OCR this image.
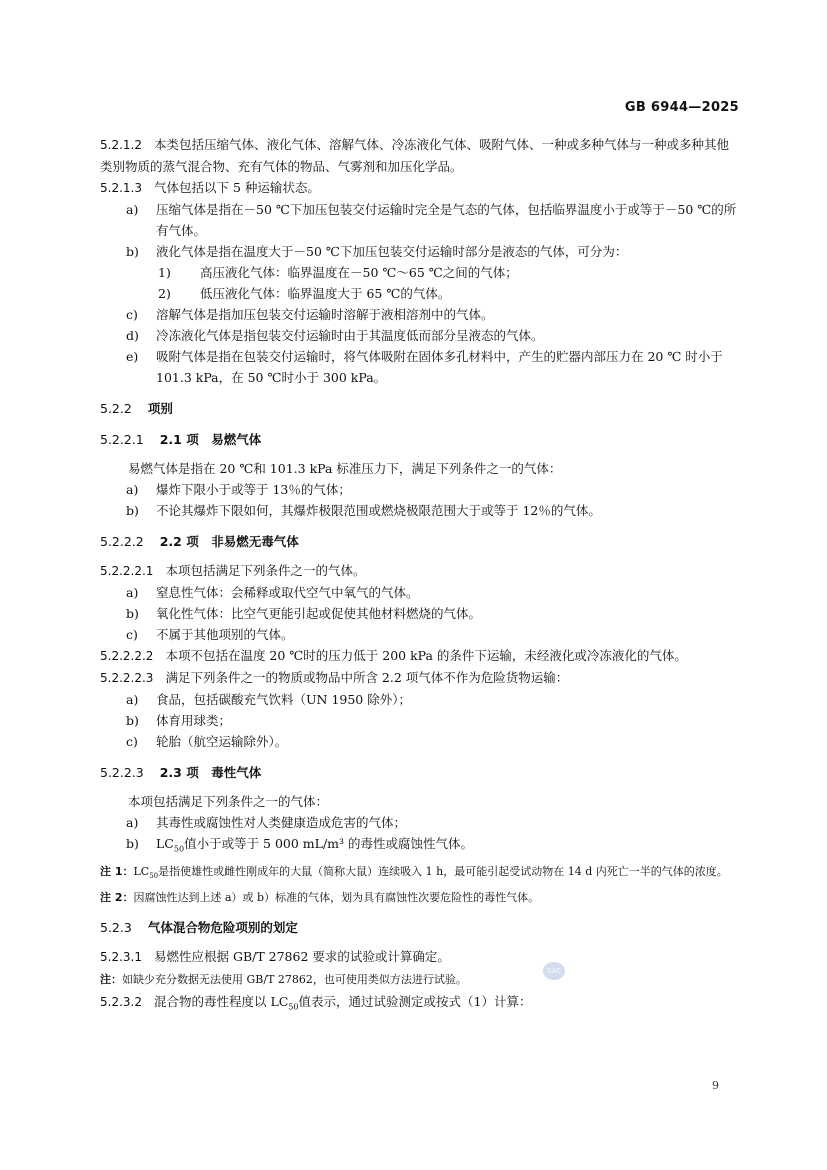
GB 6944—2025

5.2.1.2 本类包括压缩气体、液化气体、溶解气体、冷冻液化气体、吸附气体、一种或多种气体与一种或多种其他类别物质的蒸气混合物、充有气体的物品、气雾剂和加压化学品。

5.2.1.3 气体包括以下 5 种运输状态。

a) 压缩气体是指在－50 ℃下加压包装交付运输时完全是气态的气体，包括临界温度小于或等于－50 ℃的所有气体。

b) 液化气体是指在温度大于－50 ℃下加压包装交付运输时部分是液态的气体，可分为：

1) 高压液化气体：临界温度在－50 ℃～65 ℃之间的气体；

2) 低压液化气体：临界温度大于 65 ℃的气体。

c) 溶解气体是指加压包装交付运输时溶解于液相溶剂中的气体。

d) 冷冻液化气体是指包装交付运输时由于其温度低而部分呈液态的气体。

e) 吸附气体是指在包装交付运输时，将气体吸附在固体多孔材料中，产生的贮器内部压力在 20 ℃ 时小于 101.3 kPa，在 50 ℃时小于 300 kPa。

5.2.2 项别
5.2.2.1 2.1 项　易燃气体

易燃气体是指在 20 ℃和 101.3 kPa 标准压力下，满足下列条件之一的气体：

a) 爆炸下限小于或等于 13％的气体；

b) 不论其爆炸下限如何，其爆炸极限范围或燃烧极限范围大于或等于 12％的气体。

5.2.2.2 2.2 项　非易燃无毒气体

5.2.2.2.1 本项包括满足下列条件之一的气体。

a) 窒息性气体：会稀释或取代空气中氧气的气体。

b) 氧化性气体：比空气更能引起或促使其他材料燃烧的气体。

c) 不属于其他项别的气体。

5.2.2.2.2 本项不包括在温度 20 ℃时的压力低于 200 kPa 的条件下运输，未经液化或冷冻液化的气体。

5.2.2.2.3 满足下列条件之一的物质或物品中所含 2.2 项气体不作为危险货物运输：

a) 食品，包括碳酸充气饮料（UN 1950 除外）；

b) 体育用球类；

c) 轮胎（航空运输除外）。

5.2.2.3 2.3 项　毒性气体

本项包括满足下列条件之一的气体：

a) 其毒性或腐蚀性对人类健康造成危害的气体；

b) $LC_{50}$值小于或等于 5 000 mL/m³ 的毒性或腐蚀性气体。

注 1：$LC_{50}$是指使雄性或雌性刚成年的大鼠（简称大鼠）连续吸入 1 h，最可能引起受试动物在 14 d 内死亡一半的气体的浓度。

注 2：因腐蚀性达到上述 a）或 b）标准的气体，划为具有腐蚀性次要危险性的毒性气体。

5.2.3 气体混合物危险项别的划定

5.2.3.1 易燃性应根据 GB/T 27862 要求的试验或计算确定。

注：如缺少充分数据无法使用 GB/T 27862，也可使用类似方法进行试验。

5.2.3.2 混合物的毒性程度以 $LC_{50}$值表示，通过试验测定或按式（1）计算：

SAC
9
